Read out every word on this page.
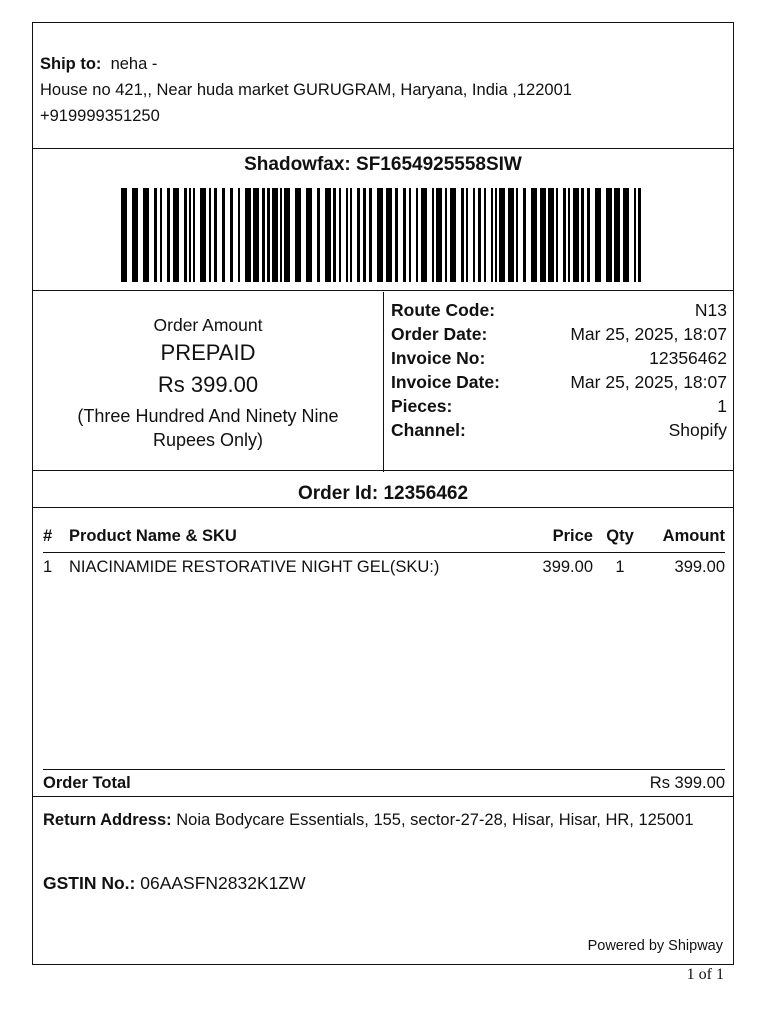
Ship to: neha -
House no 421,, Near huda market GURUGRAM, Haryana, India ,122001
+919999351250
Shadowfax: SF1654925558SIW
Order Amount
PREPAID
Rs 399.00
(Three Hundred And Ninety Nine Rupees Only)
Route Code:	N13
Order Date:	Mar 25, 2025, 18:07
Invoice No:	12356462
Invoice Date:	Mar 25, 2025, 18:07
Pieces:	1
Channel:	Shopify
Order Id: 12356462
# Product Name & SKU	Price Qty Amount
1 NIACINAMIDE RESTORATIVE NIGHT GEL(SKU:)	399.00	1	399.00
Order Total	Rs 399.00
Return Address: Noia Bodycare Essentials, 155, sector-27-28, Hisar, Hisar, HR, 125001
GSTIN No.: 06AASFN2832K1ZW
Powered by Shipway
1 of 1
